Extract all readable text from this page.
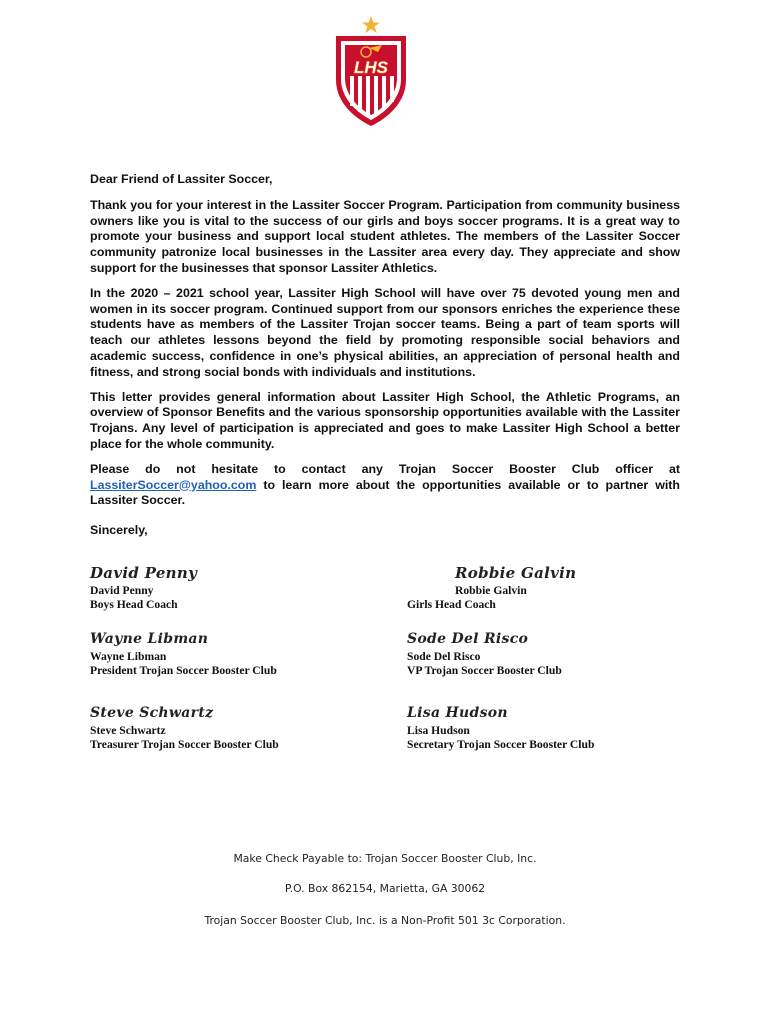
LHS

Dear Friend of Lassiter Soccer,

Thank you for your interest in the Lassiter Soccer Program. Participation from community business owners like you is vital to the success of our girls and boys soccer programs. It is a great way to promote your business and support local student athletes. The members of the Lassiter Soccer community patronize local businesses in the Lassiter area every day. They appreciate and show support for the businesses that sponsor Lassiter Athletics.

In the 2020 – 2021 school year, Lassiter High School will have over 75 devoted young men and women in its soccer program. Continued support from our sponsors enriches the experience these students have as members of the Lassiter Trojan soccer teams. Being a part of team sports will teach our athletes lessons beyond the field by promoting responsible social behaviors and academic success, confidence in one’s physical abilities, an appreciation of personal health and fitness, and strong social bonds with individuals and institutions.

This letter provides general information about Lassiter High School, the Athletic Programs, an overview of Sponsor Benefits and the various sponsorship opportunities available with the Lassiter Trojans. Any level of participation is appreciated and goes to make Lassiter High School a better place for the whole community.

Please do not hesitate to contact any Trojan Soccer Booster Club officer at LassiterSoccer@yahoo.com to learn more about the opportunities available or to partner with Lassiter Soccer.

Sincerely,

David Penny
David Penny
Boys Head Coach
Robbie Galvin
Robbie Galvin
Girls Head Coach
Wayne Libman
Wayne Libman
President Trojan Soccer Booster Club
Sode Del Risco
Sode Del Risco
VP Trojan Soccer Booster Club
Steve Schwartz
Steve Schwartz
Treasurer Trojan Soccer Booster Club
Lisa Hudson
Lisa Hudson
Secretary Trojan Soccer Booster Club
Make Check Payable to: Trojan Soccer Booster Club, Inc.
P.O. Box 862154, Marietta, GA 30062
Trojan Soccer Booster Club, Inc. is a Non-Profit 501 3c Corporation.
